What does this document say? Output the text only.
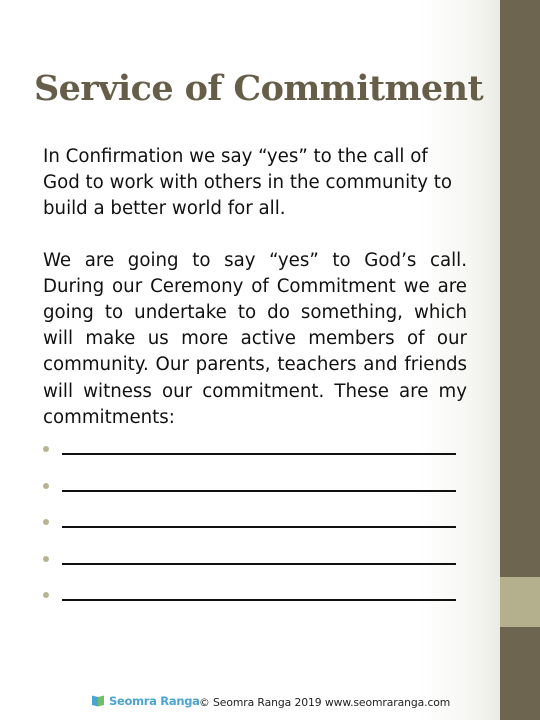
Service of Commitment

In Confirmation we say “yes” to the call of God to work with others in the community to build a better world for all.

We are going to say “yes” to God’s call. During our Ceremony of Commitment we are going to undertake to do something, which will make us more active members of our community. Our parents, teachers and friends will witness our commitment. These are my commitments:

Seomra Ranga © Seomra Ranga 2019 www.seomraranga.com
